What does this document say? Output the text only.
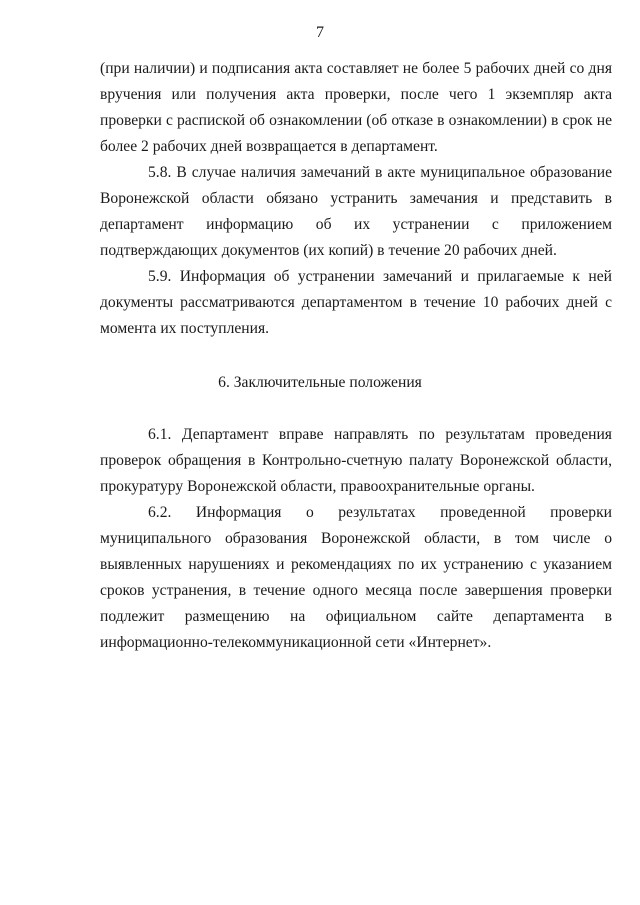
7

(при наличии) и подписания акта составляет не более 5 рабочих дней со дня вручения или получения акта проверки, после чего 1 экземпляр акта проверки с распиской об ознакомлении (об отказе в ознакомлении) в срок не более 2 рабочих дней возвращается в департамент.

5.8. В случае наличия замечаний в акте муниципальное образование Воронежской области обязано устранить замечания и представить в департамент информацию об их устранении с приложением подтверждающих документов (их копий) в течение 20 рабочих дней.

5.9. Информация об устранении замечаний и прилагаемые к ней документы рассматриваются департаментом в течение 10 рабочих дней с момента их поступления.

6. Заключительные положения

6.1. Департамент вправе направлять по результатам проведения проверок обращения в Контрольно-счетную палату Воронежской области, прокуратуру Воронежской области, правоохранительные органы.

6.2. Информация о результатах проведенной проверки муниципального образования Воронежской области, в том числе о выявленных нарушениях и рекомендациях по их устранению с указанием сроков устранения, в течение одного месяца после завершения проверки подлежит размещению на официальном сайте департамента в информационно-телекоммуникационной сети «Интернет».
